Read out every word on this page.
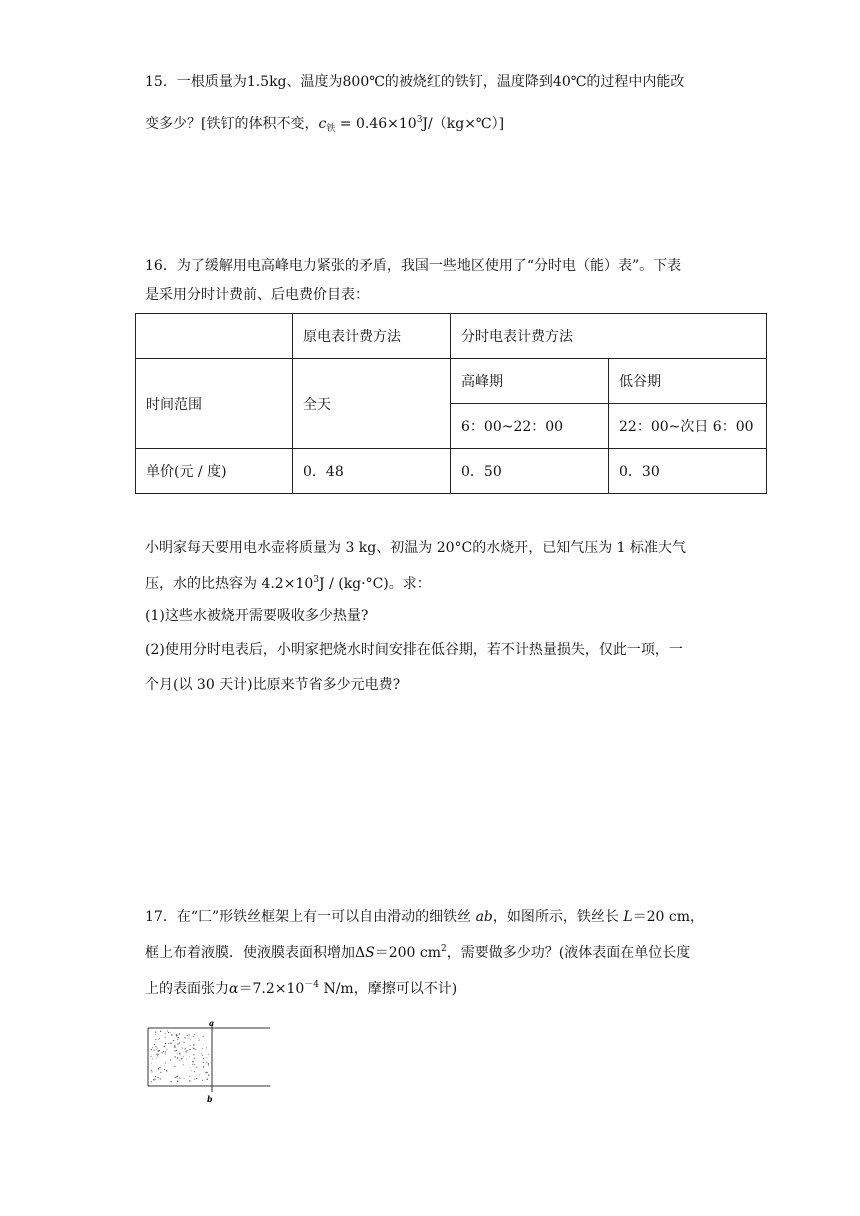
15．一根质量为1.5kg、温度为800℃的被烧红的铁钉，温度降到40℃的过程中内能改
变多少？[铁钉的体积不变，$c_铁$ = $0.46\times 10^3J/(kg\times℃)$]
16．为了缓解用电高峰电力紧张的矛盾，我国一些地区使用了“分时电（能）表”。下表
是采用分时计费前、后电费价目表：
	原电表计费方法	分时电表计费方法	
时间范围	全天	高峰期	低谷期
		6：00~22：00	22：00~次日 6：00
单价(元 / 度)	0．48	0．50	0．30
小明家每天要用电水壶将质量为 3 kg、初温为 20°C的水烧开，已知气压为 1 标准大气
压，水的比热容为 $4.2\times 10^3J / (kg\cdot^\circ C)$。求：
(1)这些水被烧开需要吸收多少热量?
(2)使用分时电表后，小明家把烧水时间安排在低谷期，若不计热量损失，仅此一项，一
个月(以 30 天计)比原来节省多少元电费?
17．在“匚”形铁丝框架上有一可以自由滑动的细铁丝 ab，如图所示，铁丝长 L＝20 cm，
框上布着液膜．使液膜表面积增加ΔS＝200 $cm^2$，需要做多少功？(液体表面在单位长度
上的表面张力$\alpha=7.2\times 10^{-4}$ N/m，摩擦可以不计)
a
b
